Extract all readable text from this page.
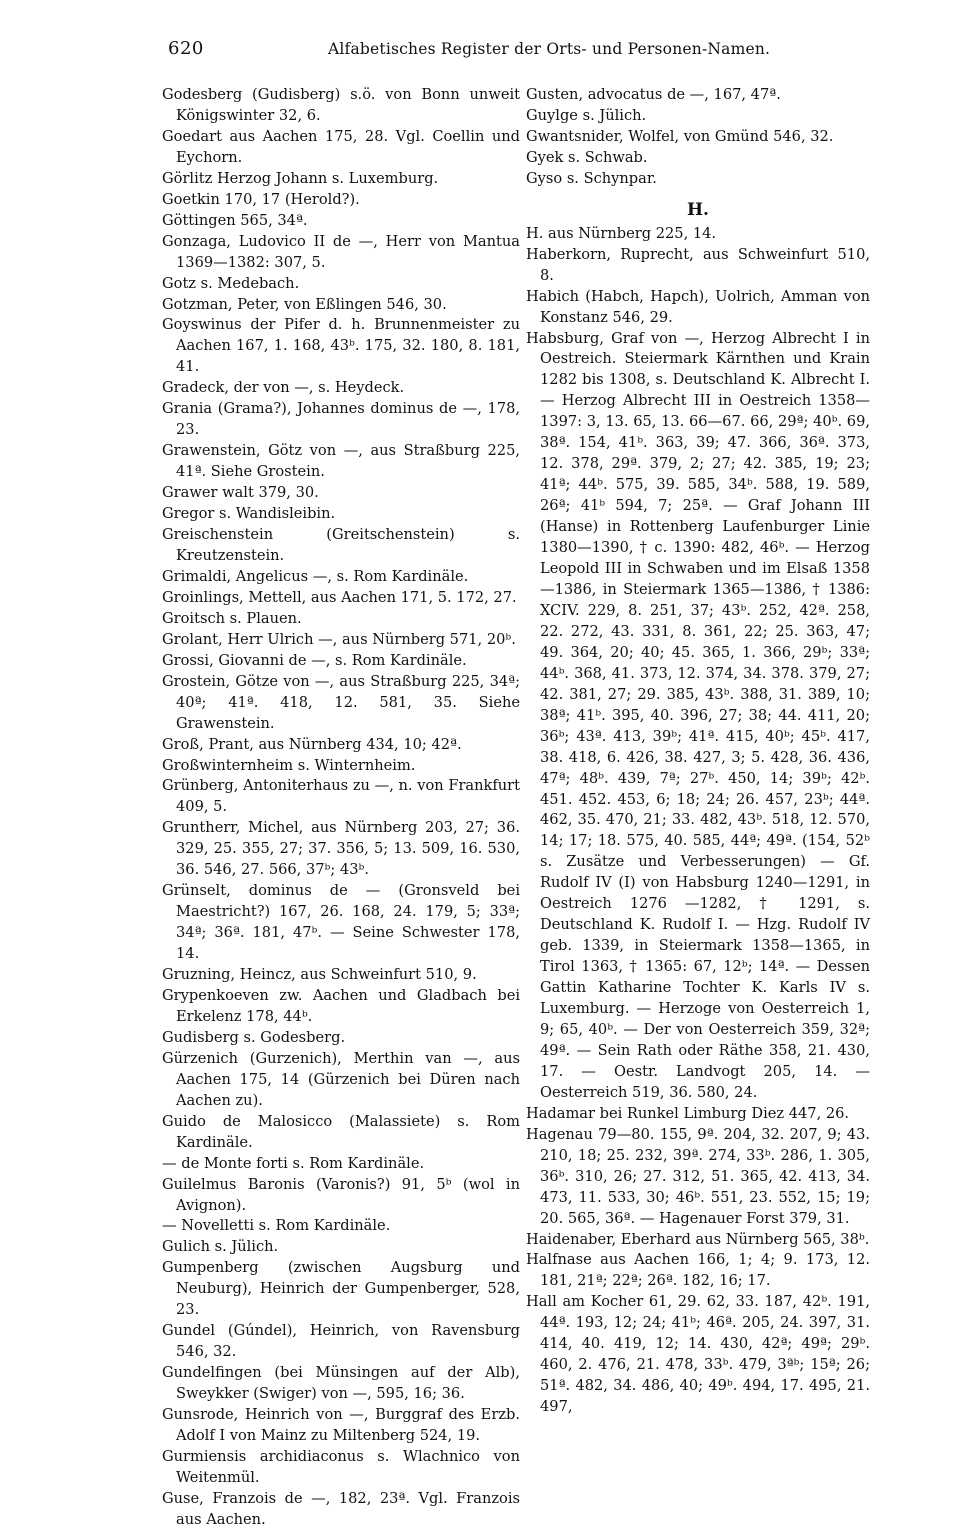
620	Alfabetisches Register der Orts- und Personen-Namen.

Godesberg (Gudisberg) s.ö. von Bonn unweit Königswinter 32, 6.

Goedart aus Aachen 175, 28. Vgl. Coellin und Eychorn.

Görlitz Herzog Johann s. Luxemburg.

Goetkin 170, 17 (Herold?).

Göttingen 565, 34ª.

Gonzaga, Ludovico II de —, Herr von Mantua 1369—1382: 307, 5.

Gotz s. Medebach.

Gotzman, Peter, von Eßlingen 546, 30.

Goyswinus der Pifer d. h. Brunnenmeister zu Aachen 167, 1. 168, 43ᵇ. 175, 32. 180, 8. 181, 41.

Gradeck, der von —, s. Heydeck.

Grania (Grama?), Johannes dominus de —, 178, 23.

Grawenstein, Götz von —, aus Straßburg 225, 41ª. Siehe Grostein.

Grawer walt 379, 30.

Gregor s. Wandisleibin.

Greischenstein (Greitschenstein) s. Kreutzenstein.

Grimaldi, Angelicus —, s. Rom Kardinäle.

Groinlings, Mettell, aus Aachen 171, 5. 172, 27.

Groitsch s. Plauen.

Grolant, Herr Ulrich —, aus Nürnberg 571, 20ᵇ.

Grossi, Giovanni de —, s. Rom Kardinäle.

Grostein, Götze von —, aus Straßburg 225, 34ª; 40ª; 41ª. 418, 12. 581, 35. Siehe Grawenstein.

Groß, Prant, aus Nürnberg 434, 10; 42ª.

Großwinternheim s. Winternheim.

Grünberg, Antoniterhaus zu —, n. von Frankfurt 409, 5.

Gruntherr, Michel, aus Nürnberg 203, 27; 36. 329, 25. 355, 27; 37. 356, 5; 13. 509, 16. 530, 36. 546, 27. 566, 37ᵇ; 43ᵇ.

Grünselt, dominus de — (Gronsveld bei Maestricht?) 167, 26. 168, 24. 179, 5; 33ª; 34ª; 36ª. 181, 47ᵇ. — Seine Schwester 178, 14.

Gruzning, Heincz, aus Schweinfurt 510, 9.

Grypenkoeven zw. Aachen und Gladbach bei Erkelenz 178, 44ᵇ.

Gudisberg s. Godesberg.

Gürzenich (Gurzenich), Merthin van —, aus Aachen 175, 14 (Gürzenich bei Düren nach Aachen zu).

Guido de Malosicco (Malassiete) s. Rom Kardinäle.

— de Monte forti s. Rom Kardinäle.

Guilelmus Baronis (Varonis?) 91, 5ᵇ (wol in Avignon).

— Novelletti s. Rom Kardinäle.

Gulich s. Jülich.

Gumpenberg (zwischen Augsburg und Neuburg), Heinrich der Gumpenberger, 528, 23.

Gundel (Gúndel), Heinrich, von Ravensburg 546, 32.

Gundelfingen (bei Münsingen auf der Alb), Sweykker (Swiger) von —, 595, 16; 36.

Gunsrode, Heinrich von —, Burggraf des Erzb. Adolf I von Mainz zu Miltenberg 524, 19.

Gurmiensis archidiaconus s. Wlachnico von Weitenmül.

Guse, Franzois de —, 182, 23ª. Vgl. Franzois aus Aachen.

Gusten, advocatus de —, 167, 47ª.

Guylge s. Jülich.

Gwantsnider, Wolfel, von Gmünd 546, 32.

Gyek s. Schwab.

Gyso s. Schynpar.

H.

H. aus Nürnberg 225, 14.

Haberkorn, Ruprecht, aus Schweinfurt 510, 8.

Habich (Habch, Hapch), Uolrich, Amman von Konstanz 546, 29.

Habsburg, Graf von —, Herzog Albrecht I in Oestreich. Steiermark Kärnthen und Krain 1282 bis 1308, s. Deutschland K. Albrecht I. — Herzog Albrecht III in Oestreich 1358—1397: 3, 13. 65, 13. 66—67. 66, 29ª; 40ᵇ. 69, 38ª. 154, 41ᵇ. 363, 39; 47. 366, 36ª. 373, 12. 378, 29ª. 379, 2; 27; 42. 385, 19; 23; 41ª; 44ᵇ. 575, 39. 585, 34ᵇ. 588, 19. 589, 26ª; 41ᵇ 594, 7; 25ª. — Graf Johann III (Hanse) in Rottenberg Laufenburger Linie 1380—1390, † c. 1390: 482, 46ᵇ. — Herzog Leopold III in Schwaben und im Elsaß 1358—1386, in Steiermark 1365—1386, † 1386: XCIV. 229, 8. 251, 37; 43ᵇ. 252, 42ª. 258, 22. 272, 43. 331, 8. 361, 22; 25. 363, 47; 49. 364, 20; 40; 45. 365, 1. 366, 29ᵇ; 33ª; 44ᵇ. 368, 41. 373, 12. 374, 34. 378. 379, 27; 42. 381, 27; 29. 385, 43ᵇ. 388, 31. 389, 10; 38ª; 41ᵇ. 395, 40. 396, 27; 38; 44. 411, 20; 36ᵇ; 43ª. 413, 39ᵇ; 41ª. 415, 40ᵇ; 45ᵇ. 417, 38. 418, 6. 426, 38. 427, 3; 5. 428, 36. 436, 47ª; 48ᵇ. 439, 7ª; 27ᵇ. 450, 14; 39ᵇ; 42ᵇ. 451. 452. 453, 6; 18; 24; 26. 457, 23ᵇ; 44ª. 462, 35. 470, 21; 33. 482, 43ᵇ. 518, 12. 570, 14; 17; 18. 575, 40. 585, 44ª; 49ª. (154, 52ᵇ s. Zusätze und Verbesserungen) — Gf. Rudolf IV (I) von Habsburg 1240—1291, in Oestreich 1276 —1282, † 1291, s. Deutschland K. Rudolf I. — Hzg. Rudolf IV geb. 1339, in Steiermark 1358—1365, in Tirol 1363, † 1365: 67, 12ᵇ; 14ª. — Dessen Gattin Katharine Tochter K. Karls IV s. Luxemburg. — Herzoge von Oesterreich 1, 9; 65, 40ᵇ. — Der von Oesterreich 359, 32ª; 49ª. — Sein Rath oder Räthe 358, 21. 430, 17. — Oestr. Landvogt 205, 14. — Oesterreich 519, 36. 580, 24.

Hadamar bei Runkel Limburg Diez 447, 26.

Hagenau 79—80. 155, 9ª. 204, 32. 207, 9; 43. 210, 18; 25. 232, 39ª. 274, 33ᵇ. 286, 1. 305, 36ᵇ. 310, 26; 27. 312, 51. 365, 42. 413, 34. 473, 11. 533, 30; 46ᵇ. 551, 23. 552, 15; 19; 20. 565, 36ª. — Hagenauer Forst 379, 31.

Haidenaber, Eberhard aus Nürnberg 565, 38ᵇ.

Halfnase aus Aachen 166, 1; 4; 9. 173, 12. 181, 21ª; 22ª; 26ª. 182, 16; 17.

Hall am Kocher 61, 29. 62, 33. 187, 42ᵇ. 191, 44ª. 193, 12; 24; 41ᵇ; 46ª. 205, 24. 397, 31. 414, 40. 419, 12; 14. 430, 42ª; 49ª; 29ᵇ. 460, 2. 476, 21. 478, 33ᵇ. 479, 3ªᵇ; 15ª; 26; 51ª. 482, 34. 486, 40; 49ᵇ. 494, 17. 495, 21. 497,
